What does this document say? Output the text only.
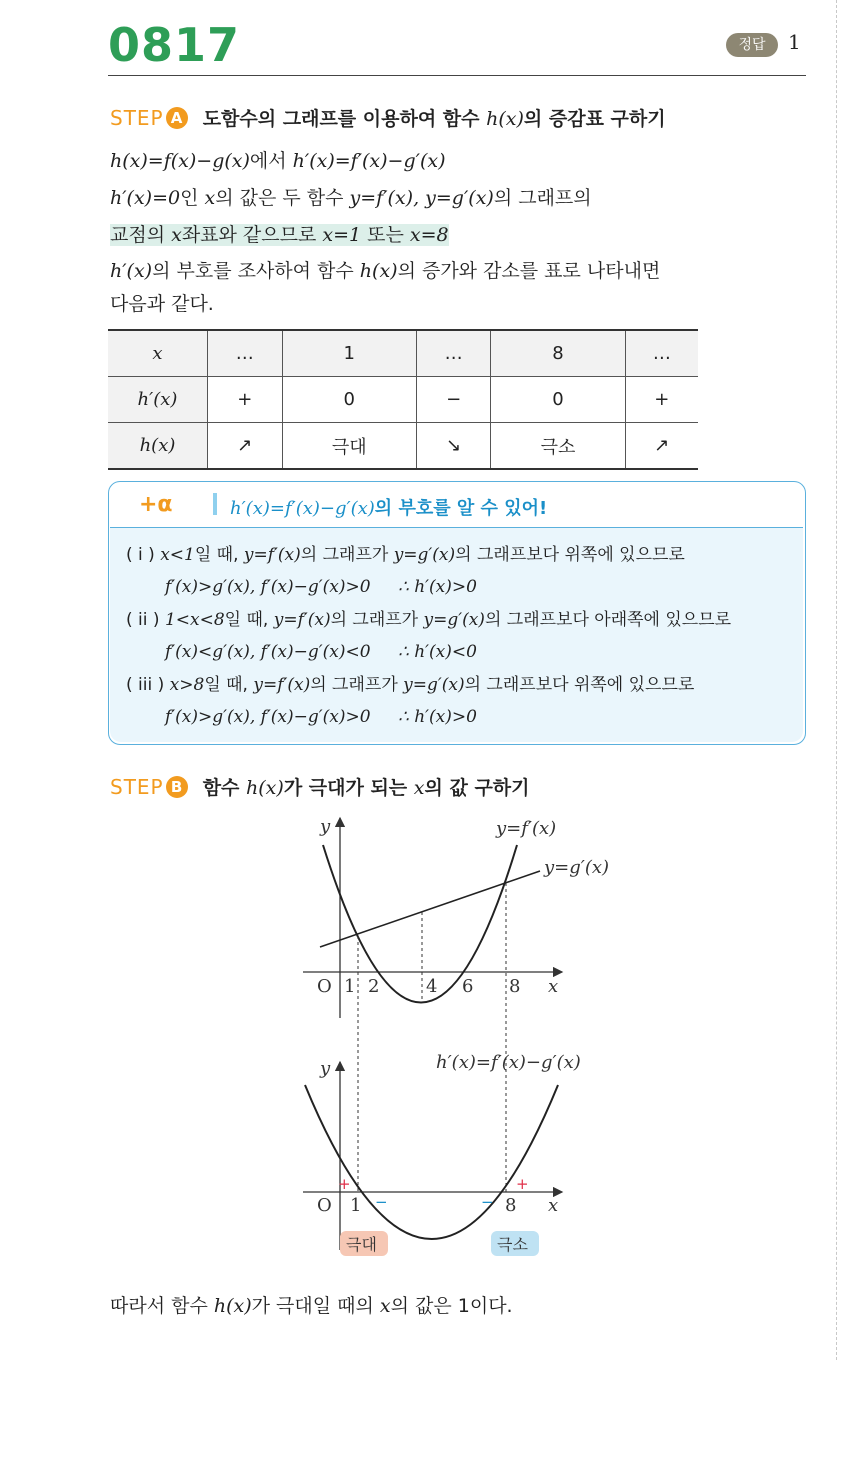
0817	정답	1
STEP A 도함수의 그래프를 이용하여 함수 h(x)의 증감표 구하기
h(x)=f(x)−g(x)에서 h′(x)=f′(x)−g′(x)
h′(x)=0인 x의 값은 두 함수 y=f′(x), y=g′(x)의 그래프의
교점의 x좌표와 같으므로 x=1 또는 x=8
h′(x)의 부호를 조사하여 함수 h(x)의 증가와 감소를 표로 나타내면
다음과 같다.
x	…	1	…	8	…
h′(x)	+	0	−	0	+
h(x)	↗	극대	↘	극소	↗
+α	h′(x)=f′(x)−g′(x)의 부호를 알 수 있어!
( i ) x<1일 때, y=f′(x)의 그래프가 y=g′(x)의 그래프보다 위쪽에 있으므로
f′(x)>g′(x), f′(x)−g′(x)>0 ∴ h′(x)>0
( ii ) 1<x<8일 때, y=f′(x)의 그래프가 y=g′(x)의 그래프보다 아래쪽에 있으므로
f′(x)<g′(x), f′(x)−g′(x)<0 ∴ h′(x)<0
( iii ) x>8일 때, y=f′(x)의 그래프가 y=g′(x)의 그래프보다 위쪽에 있으므로
f′(x)>g′(x), f′(x)−g′(x)>0 ∴ h′(x)>0
STEP B 함수 h(x)가 극대가 되는 x의 값 구하기
O 1 2	4 6 8 x
y	y=f′(x)
y=g′(x)
O 1	8 x
y	h′(x)=f′(x)−g′(x)
+
−	−
+
극대	극소
따라서 함수 h(x)가 극대일 때의 x의 값은 1이다.
